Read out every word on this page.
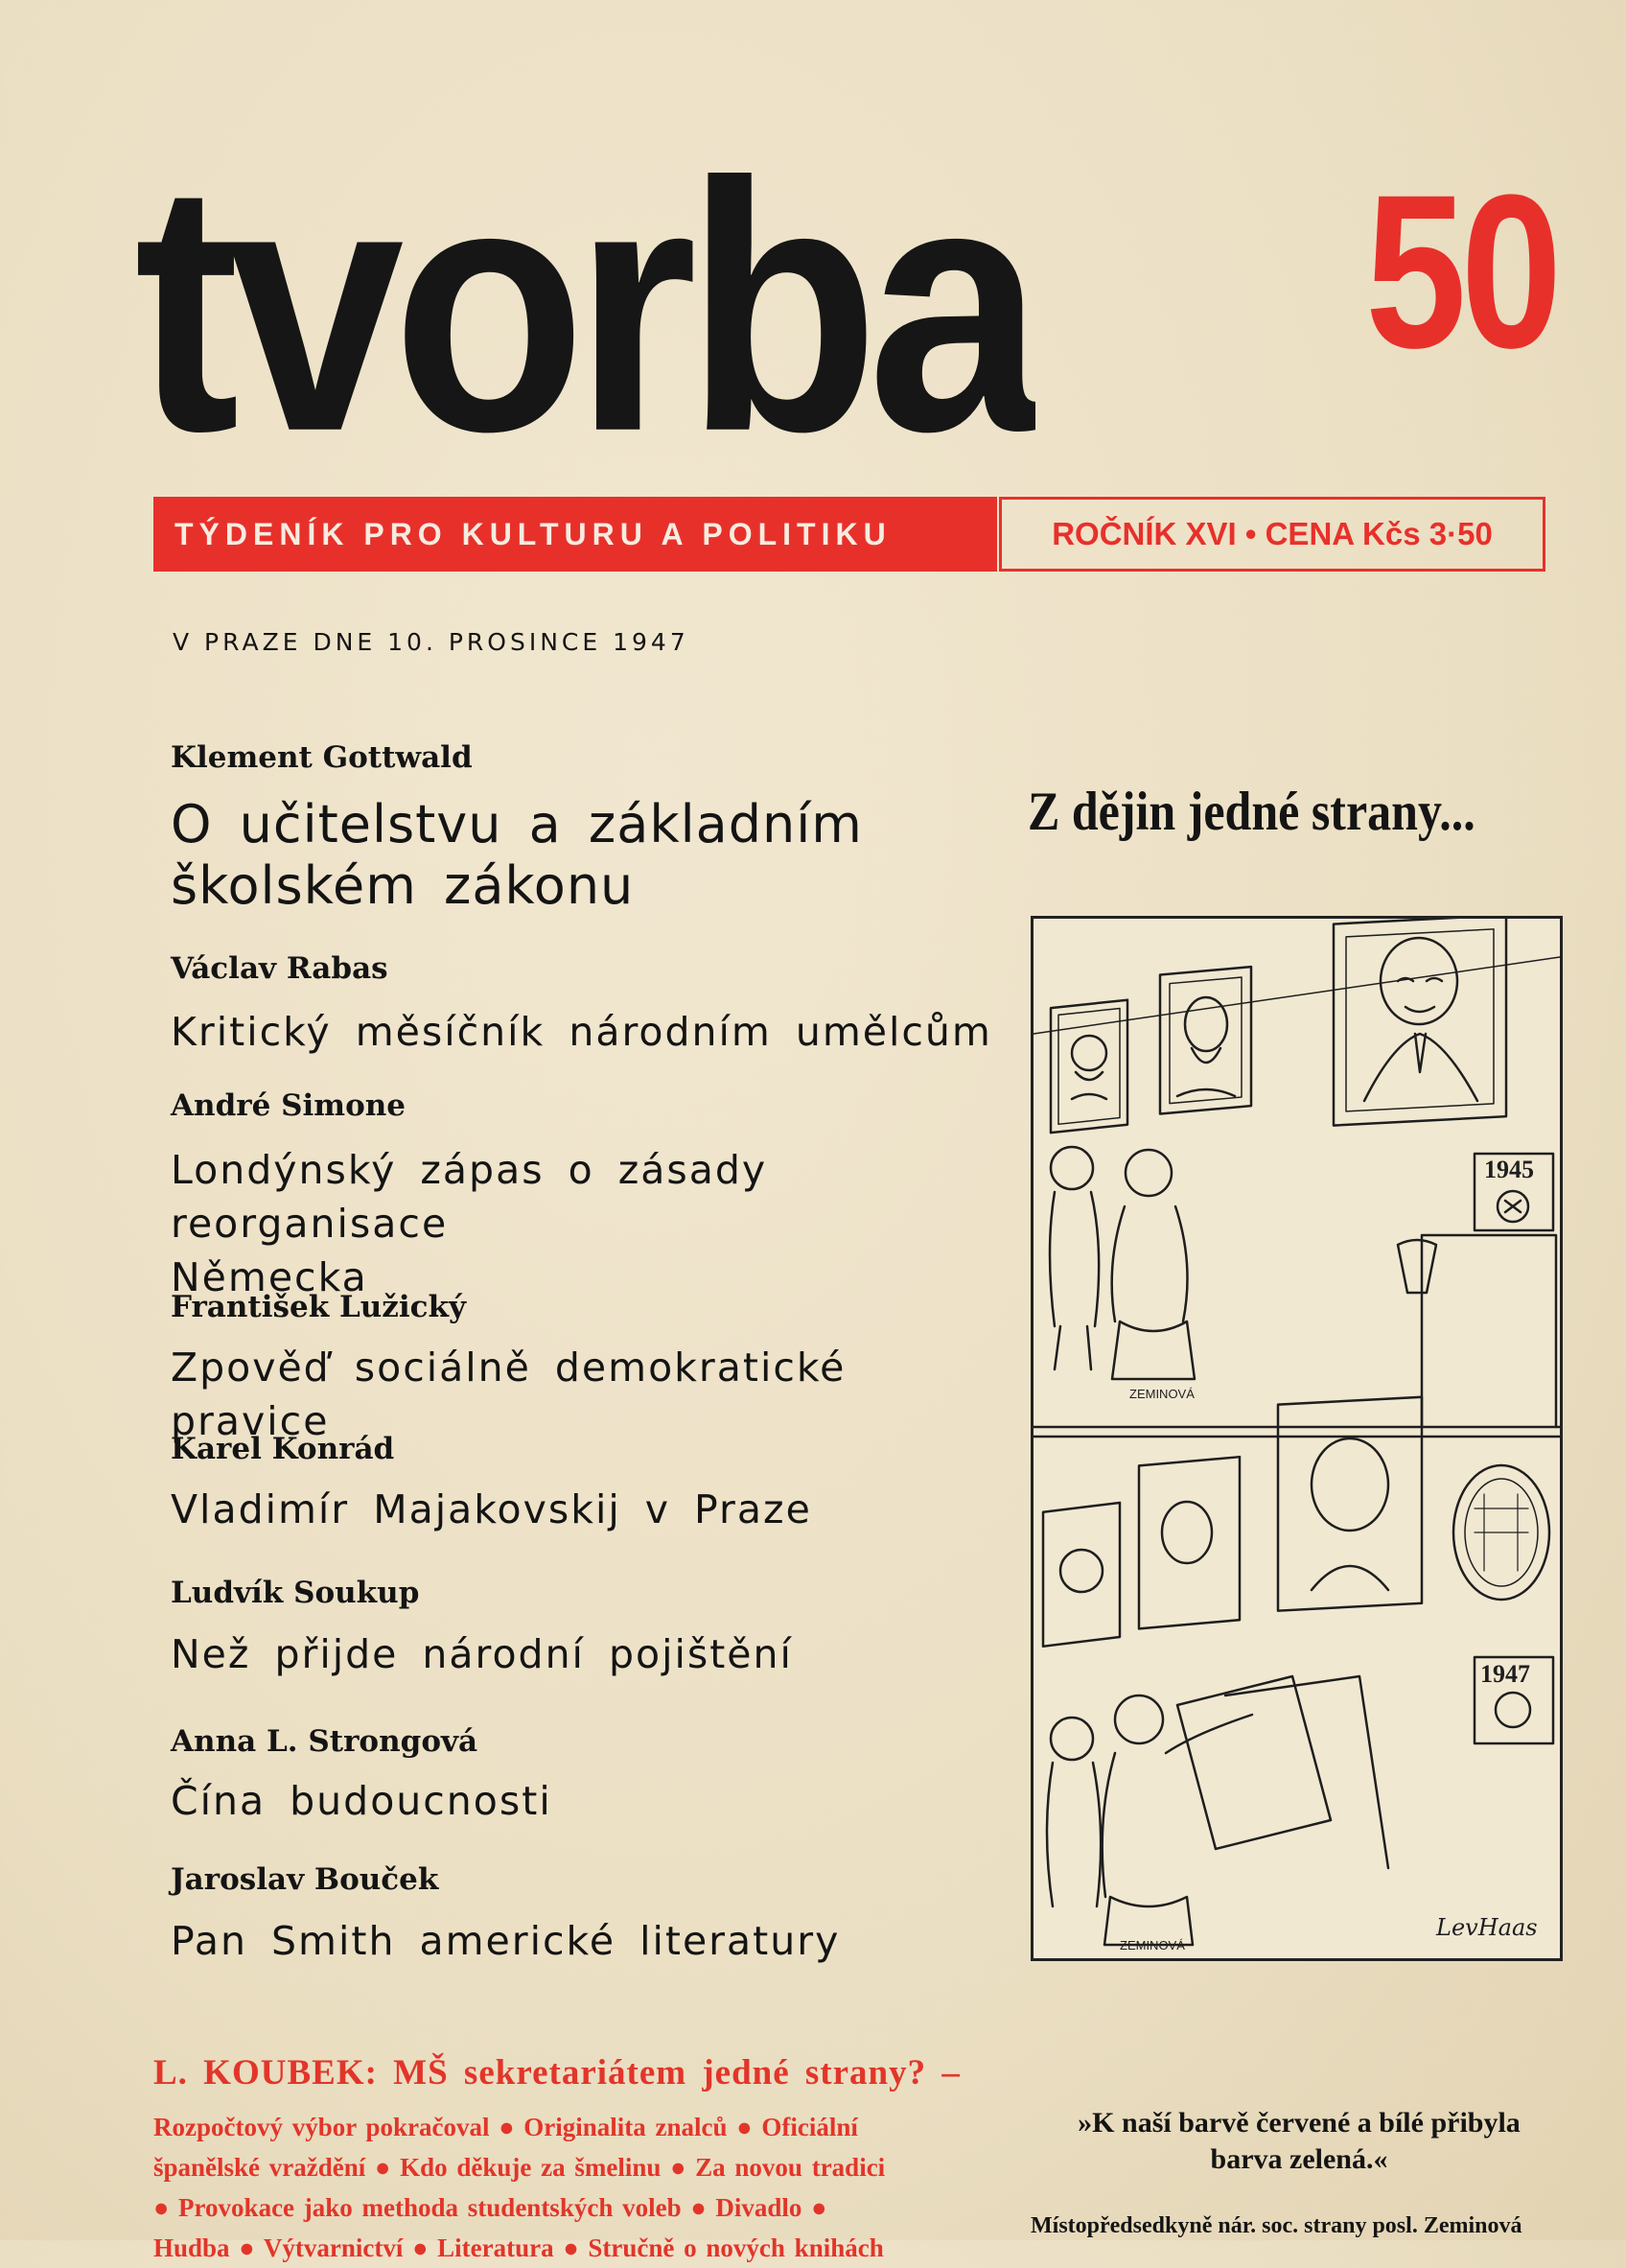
tvorba 50
TÝDENÍK PRO KULTURU A POLITIKU	ROČNÍK XVI • CENA Kčs 3·50
V PRAZE DNE 10. PROSINCE 1947
Klement Gottwald
O učitelstvu a základním
školském zákonu
Václav Rabas
Kritický měsíčník národním umělcům
André Simone
Londýnský zápas o zásady reorganisace
Německa
František Lužický
Zpověď sociálně demokratické pravice
Karel Konrád
Vladimír Majakovskij v Praze
Ludvík Soukup
Než přijde národní pojištění
Anna L. Strongová
Čína budoucnosti
Jaroslav Bouček
Pan Smith americké literatury
Z dějin jedné strany...
1945
ZEMINOVÁ
1947
ZEMINOVÁ
LevHaas
L. KOUBEK: MŠ sekretariátem jedné strany? –
Rozpočtový výbor pokračoval ● Originalita znalců ● Oficiální
španělské vraždění ● Kdo děkuje za šmelinu ● Za novou tradici
● Provokace jako methoda studentských voleb ● Divadlo ●
Hudba ● Výtvarnictví ● Literatura ● Stručně o nových knihách
»K naší barvě červené a bílé přibyla barva zelená.«
Místopředsedkyně nár. soc. strany posl. Zeminová
